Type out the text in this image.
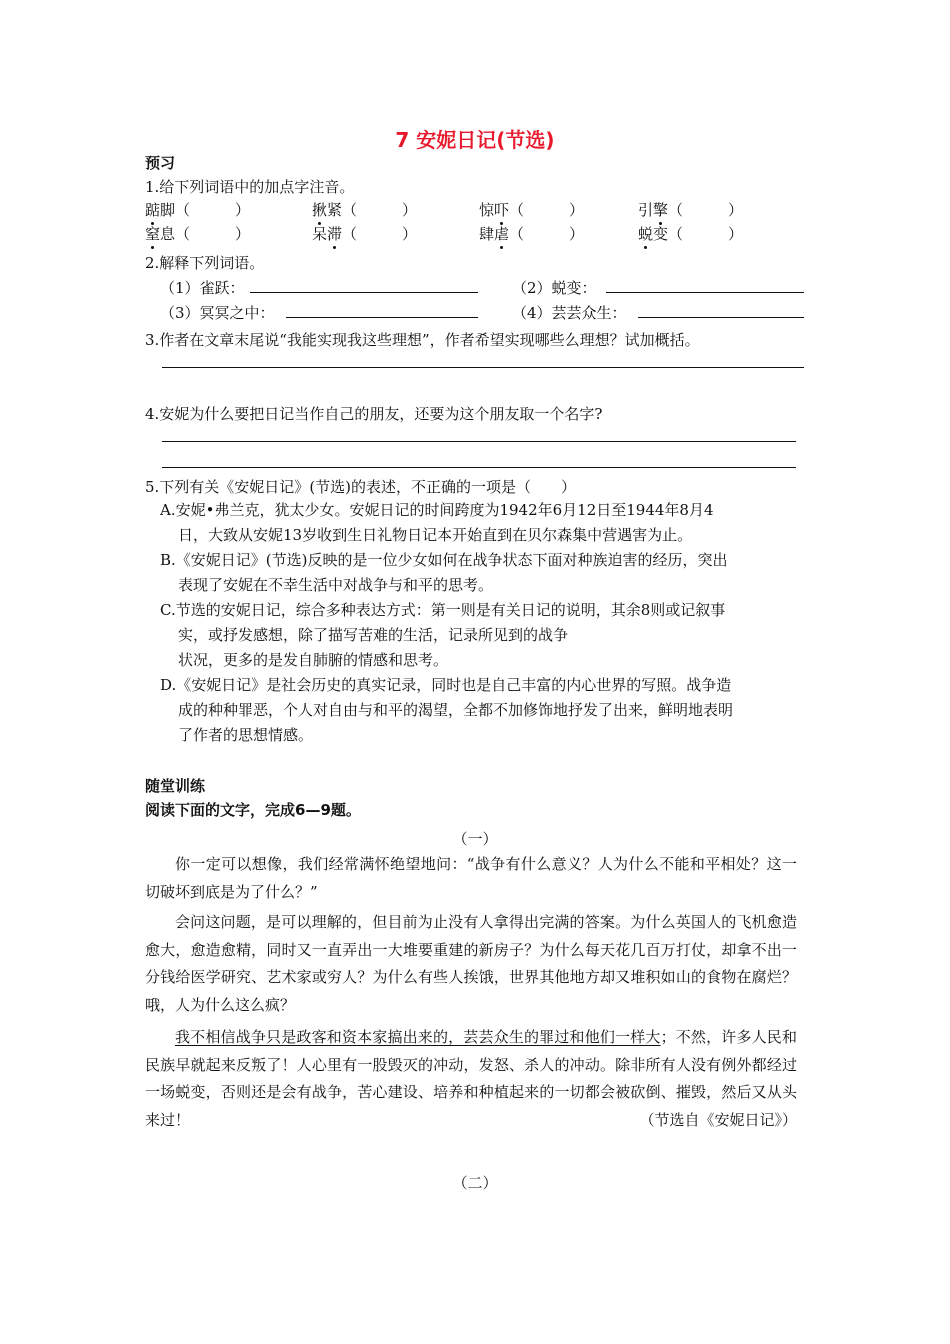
7 安妮日记(节选)
预习
1.给下列词语中的加点字注音。
踮脚（　　　）	揪紧（　　　）	惊吓（　　　）	引擎（　　　）
窒息（　　　）	呆滞（　　　）	肆虐（　　　）	蜕变（　　　）
2.解释下列词语。
（1）雀跃：	（2）蜕变：
（3）冥冥之中：	（4）芸芸众生：
3.作者在文章末尾说“我能实现我这些理想”，作者希望实现哪些么理想？试加概括。
4.安妮为什么要把日记当作自己的朋友，还要为这个朋友取一个名字?
5.下列有关《安妮日记》(节选)的表述，不正确的一项是（　　）
A.安妮•弗兰克，犹太少女。安妮日记的时间跨度为1942年6月12日至1944年8月4
日，大致从安妮13岁收到生日礼物日记本开始直到在贝尔森集中营遇害为止。
B.《安妮日记》(节选)反映的是一位少女如何在战争状态下面对种族迫害的经历，突出
表现了安妮在不幸生活中对战争与和平的思考。
C.节选的安妮日记，综合多种表达方式：第一则是有关日记的说明，其余8则或记叙事
实，或抒发感想，除了描写苦难的生活，记录所见到的战争
状况，更多的是发自肺腑的情感和思考。
D.《安妮日记》是社会历史的真实记录，同时也是自己丰富的内心世界的写照。战争造
成的种种罪恶，个人对自由与和平的渴望，全都不加修饰地抒发了出来，鲜明地表明
了作者的思想情感。
随堂训练
阅读下面的文字，完成6—9题。
（一）
你一定可以想像，我们经常满怀绝望地问：“战争有什么意义？人为什么不能和平相处？这一切破坏到底是为了什么？”
会问这问题，是可以理解的，但目前为止没有人拿得出完满的答案。为什么英国人的飞机愈造愈大，愈造愈精，同时又一直弄出一大堆要重建的新房子？为什么每天花几百万打仗，却拿不出一分钱给医学研究、艺术家或穷人？为什么有些人挨饿，世界其他地方却又堆积如山的食物在腐烂？哦，人为什么这么疯？
我不相信战争只是政客和资本家搞出来的，芸芸众生的罪过和他们一样大；不然，许多人民和民族早就起来反叛了！人心里有一股毁灭的冲动，发怒、杀人的冲动。除非所有人没有例外都经过一场蜕变，否则还是会有战争，苦心建设、培养和种植起来的一切都会被砍倒、摧毁，然后又从头来过！	（节选自《安妮日记》）
（二）
